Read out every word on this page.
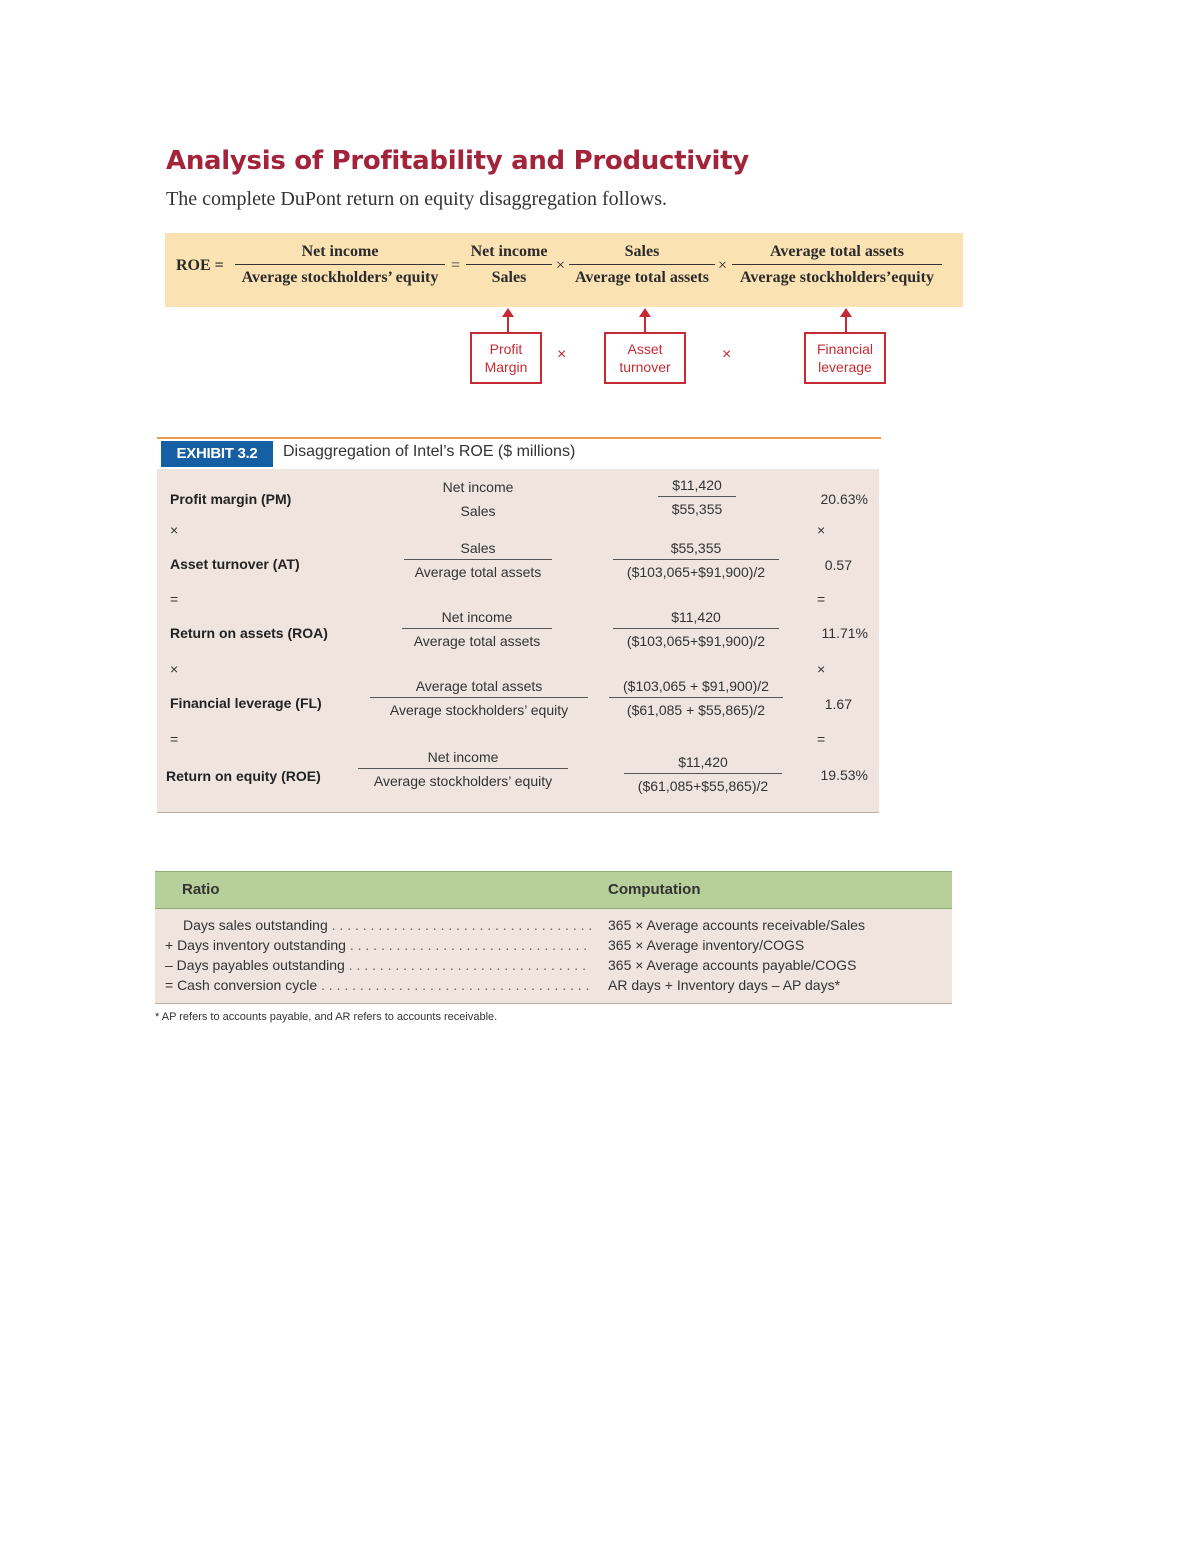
Analysis of Profitability and Productivity
The complete DuPont return on equity disaggregation follows.
ROE =
Net income
Average stockholders’ equity
=
Net income
Sales
×
Sales
Average total assets
×
Average total assets
Average stockholders’equity
Profit
Margin
×	Asset
turnover
×	Financial
leverage
EXHIBIT 3.2	Disaggregation of Intel’s ROE ($ millions)
Profit margin (PM)
Net income
Sales	$\frac{\$11,420}{\$55,355}$	20.63%
×	×
Asset turnover (AT)
Sales
Average total assets	$\frac{\$55,355}{(\$103,065+\$91,900)/2}$	0.57
=	=
Return on assets (ROA)
Net income
Average total assets	$\frac{\$11,420}{(\$103,065+\$91,900)/2}$	11.71%
×	×
Financial leverage (FL)
Average total assets
Average stockholders’ equity	$\frac{(\$103,065 + \$91,900)/2}{(\$61,085 + \$55,865)/2}$	1.67
=	=
Return on equity (ROE)
Net income
Average stockholders’ equity	$\frac{\$11,420}{(\$61,085+\$55,865)/2}$	19.53%
Ratio	Computation
Days sales outstanding . . .	365 × Average accounts receivable/Sales
+ Days inventory outstanding . . .	365 × Average inventory/COGS
– Days payables outstanding . . .	365 × Average accounts payable/COGS
= Cash conversion cycle . . .	AR days + Inventory days – AP days*
* AP refers to accounts payable, and AR refers to accounts receivable.
